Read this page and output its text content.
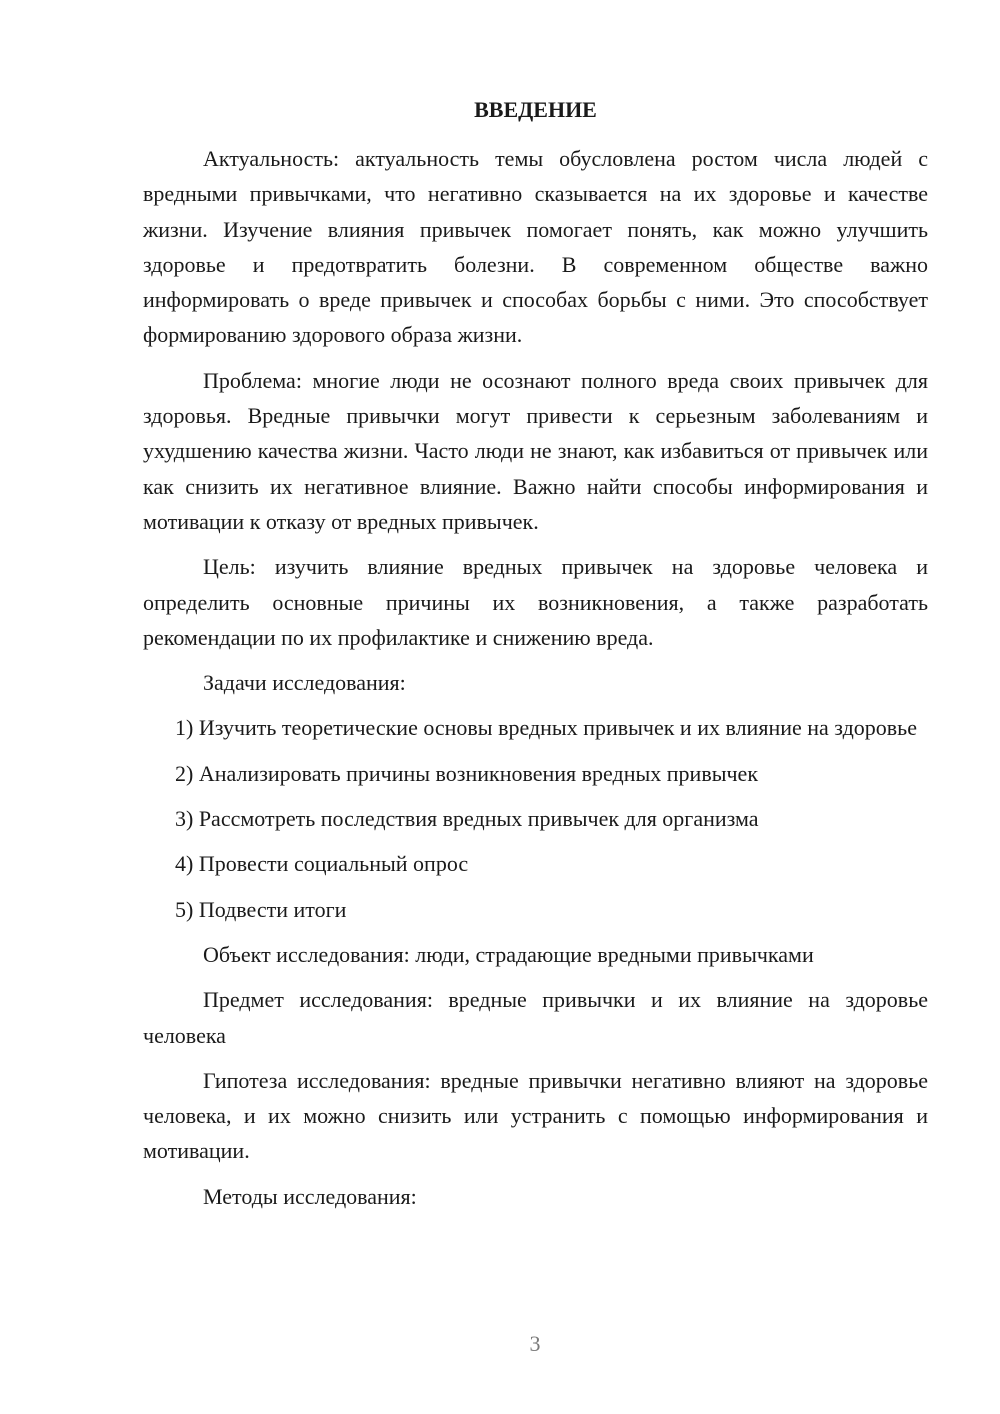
ВВЕДЕНИЕ

Актуальность: актуальность темы обусловлена ростом числа людей с вредными привычками, что негативно сказывается на их здоровье и качестве жизни. Изучение влияния привычек помогает понять, как можно улучшить здоровье и предотвратить болезни. В современном обществе важно информировать о вреде привычек и способах борьбы с ними. Это способствует формированию здорового образа жизни.

Проблема: многие люди не осознают полного вреда своих привычек для здоровья. Вредные привычки могут привести к серьезным заболеваниям и ухудшению качества жизни. Часто люди не знают, как избавиться от привычек или как снизить их негативное влияние. Важно найти способы информирования и мотивации к отказу от вредных привычек.

Цель: изучить влияние вредных привычек на здоровье человека и определить основные причины их возникновения, а также разработать рекомендации по их профилактике и снижению вреда.

Задачи исследования:

1) Изучить теоретические основы вредных привычек и их влияние на здоровье

2) Анализировать причины возникновения вредных привычек

3) Рассмотреть последствия вредных привычек для организма

4) Провести социальный опрос

5) Подвести итоги

Объект исследования: люди, страдающие вредными привычками

Предмет исследования: вредные привычки и их влияние на здоровье человека

Гипотеза исследования: вредные привычки негативно влияют на здоровье человека, и их можно снизить или устранить с помощью информирования и мотивации.

Методы исследования:

3
